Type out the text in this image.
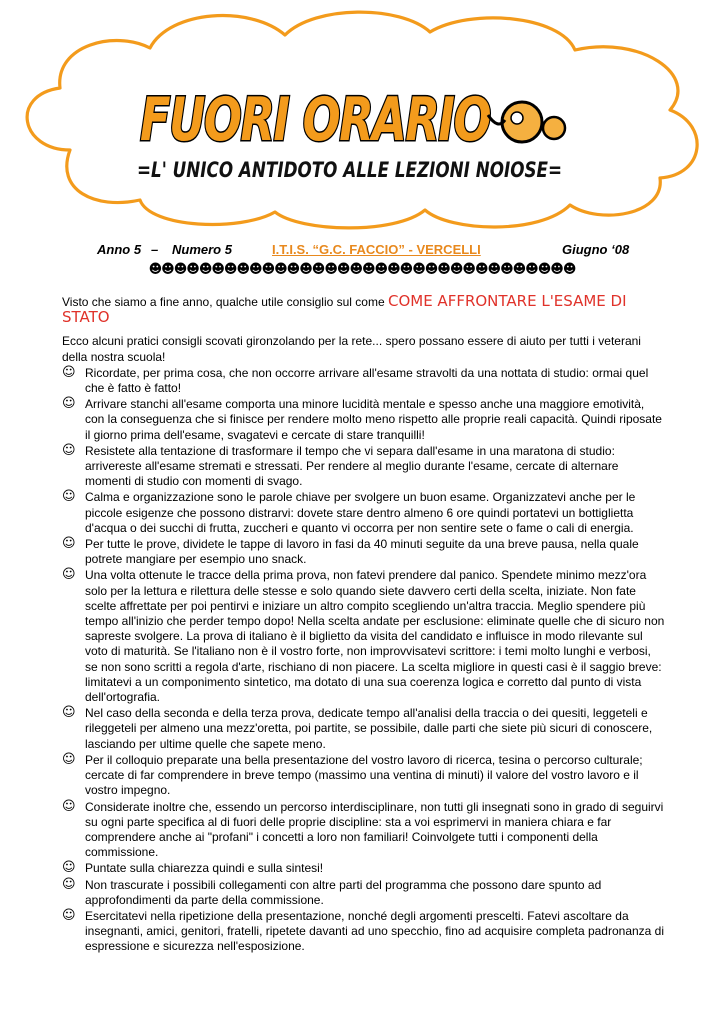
FUORI ORARIO
=L' UNICO ANTIDOTO ALLE LEZIONI NOIOSE=
Anno 5 – Numero 5	I.T.I.S. “G.C. FACCIO” - VERCELLI	Giugno ‘08
☻☻☻☻☻☻☻☻☻☻☻☻☻☻☻☻☻☻☻☻☻☻☻☻☻☻☻☻☻☻☻☻☻☻

Visto che siamo a fine anno, qualche utile consiglio sul come COME AFFRONTARE L'ESAME DI STATO

Ecco alcuni pratici consigli scovati gironzolando per la rete... spero possano essere di aiuto per tutti i veterani della nostra scuola!

☺ Ricordate, per prima cosa, che non occorre arrivare all'esame stravolti da una nottata di studio: ormai quel che è fatto è fatto!
☺ Arrivare stanchi all'esame comporta una minore lucidità mentale e spesso anche una maggiore emotività, con la conseguenza che si finisce per rendere molto meno rispetto alle proprie reali capacità. Quindi riposate il giorno prima dell'esame, svagatevi e cercate di stare tranquilli!
☺ Resistete alla tentazione di trasformare il tempo che vi separa dall'esame in una maratona di studio: arrivereste all'esame stremati e stressati. Per rendere al meglio durante l'esame, cercate di alternare momenti di studio con momenti di svago.
☺ Calma e organizzazione sono le parole chiave per svolgere un buon esame. Organizzatevi anche per le piccole esigenze che possono distrarvi: dovete stare dentro almeno 6 ore quindi portatevi un bottiglietta d'acqua o dei succhi di frutta, zuccheri e quanto vi occorra per non sentire sete o fame o cali di energia.
☺ Per tutte le prove, dividete le tappe di lavoro in fasi da 40 minuti seguite da una breve pausa, nella quale potrete mangiare per esempio uno snack.
☺ Una volta ottenute le tracce della prima prova, non fatevi prendere dal panico. Spendete minimo mezz'ora solo per la lettura e rilettura delle stesse e solo quando siete davvero certi della scelta, iniziate. Non fate scelte affrettate per poi pentirvi e iniziare un altro compito scegliendo un'altra traccia. Meglio spendere più tempo all'inizio che perder tempo dopo! Nella scelta andate per esclusione: eliminate quelle che di sicuro non sapreste svolgere. La prova di italiano è il biglietto da visita del candidato e influisce in modo rilevante sul voto di maturità. Se l'italiano non è il vostro forte, non improvvisatevi scrittore: i temi molto lunghi e verbosi, se non sono scritti a regola d'arte, rischiano di non piacere. La scelta migliore in questi casi è il saggio breve: limitatevi a un componimento sintetico, ma dotato di una sua coerenza logica e corretto dal punto di vista dell'ortografia.
☺ Nel caso della seconda e della terza prova, dedicate tempo all'analisi della traccia o dei quesiti, leggeteli e rileggeteli per almeno una mezz'oretta, poi partite, se possibile, dalle parti che siete più sicuri di conoscere, lasciando per ultime quelle che sapete meno.
☺ Per il colloquio preparate una bella presentazione del vostro lavoro di ricerca, tesina o percorso culturale; cercate di far comprendere in breve tempo (massimo una ventina di minuti) il valore del vostro lavoro e il vostro impegno.
☺ Considerate inoltre che, essendo un percorso interdisciplinare, non tutti gli insegnati sono in grado di seguirvi su ogni parte specifica al di fuori delle proprie discipline: sta a voi esprimervi in maniera chiara e far comprendere anche ai "profani" i concetti a loro non familiari! Coinvolgete tutti i componenti della commissione.
☺ Puntate sulla chiarezza quindi e sulla sintesi!
☺ Non trascurate i possibili collegamenti con altre parti del programma che possono dare spunto ad approfondimenti da parte della commissione.
☺ Esercitatevi nella ripetizione della presentazione, nonché degli argomenti prescelti. Fatevi ascoltare da insegnanti, amici, genitori, fratelli, ripetete davanti ad uno specchio, fino ad acquisire completa padronanza di espressione e sicurezza nell'esposizione.
